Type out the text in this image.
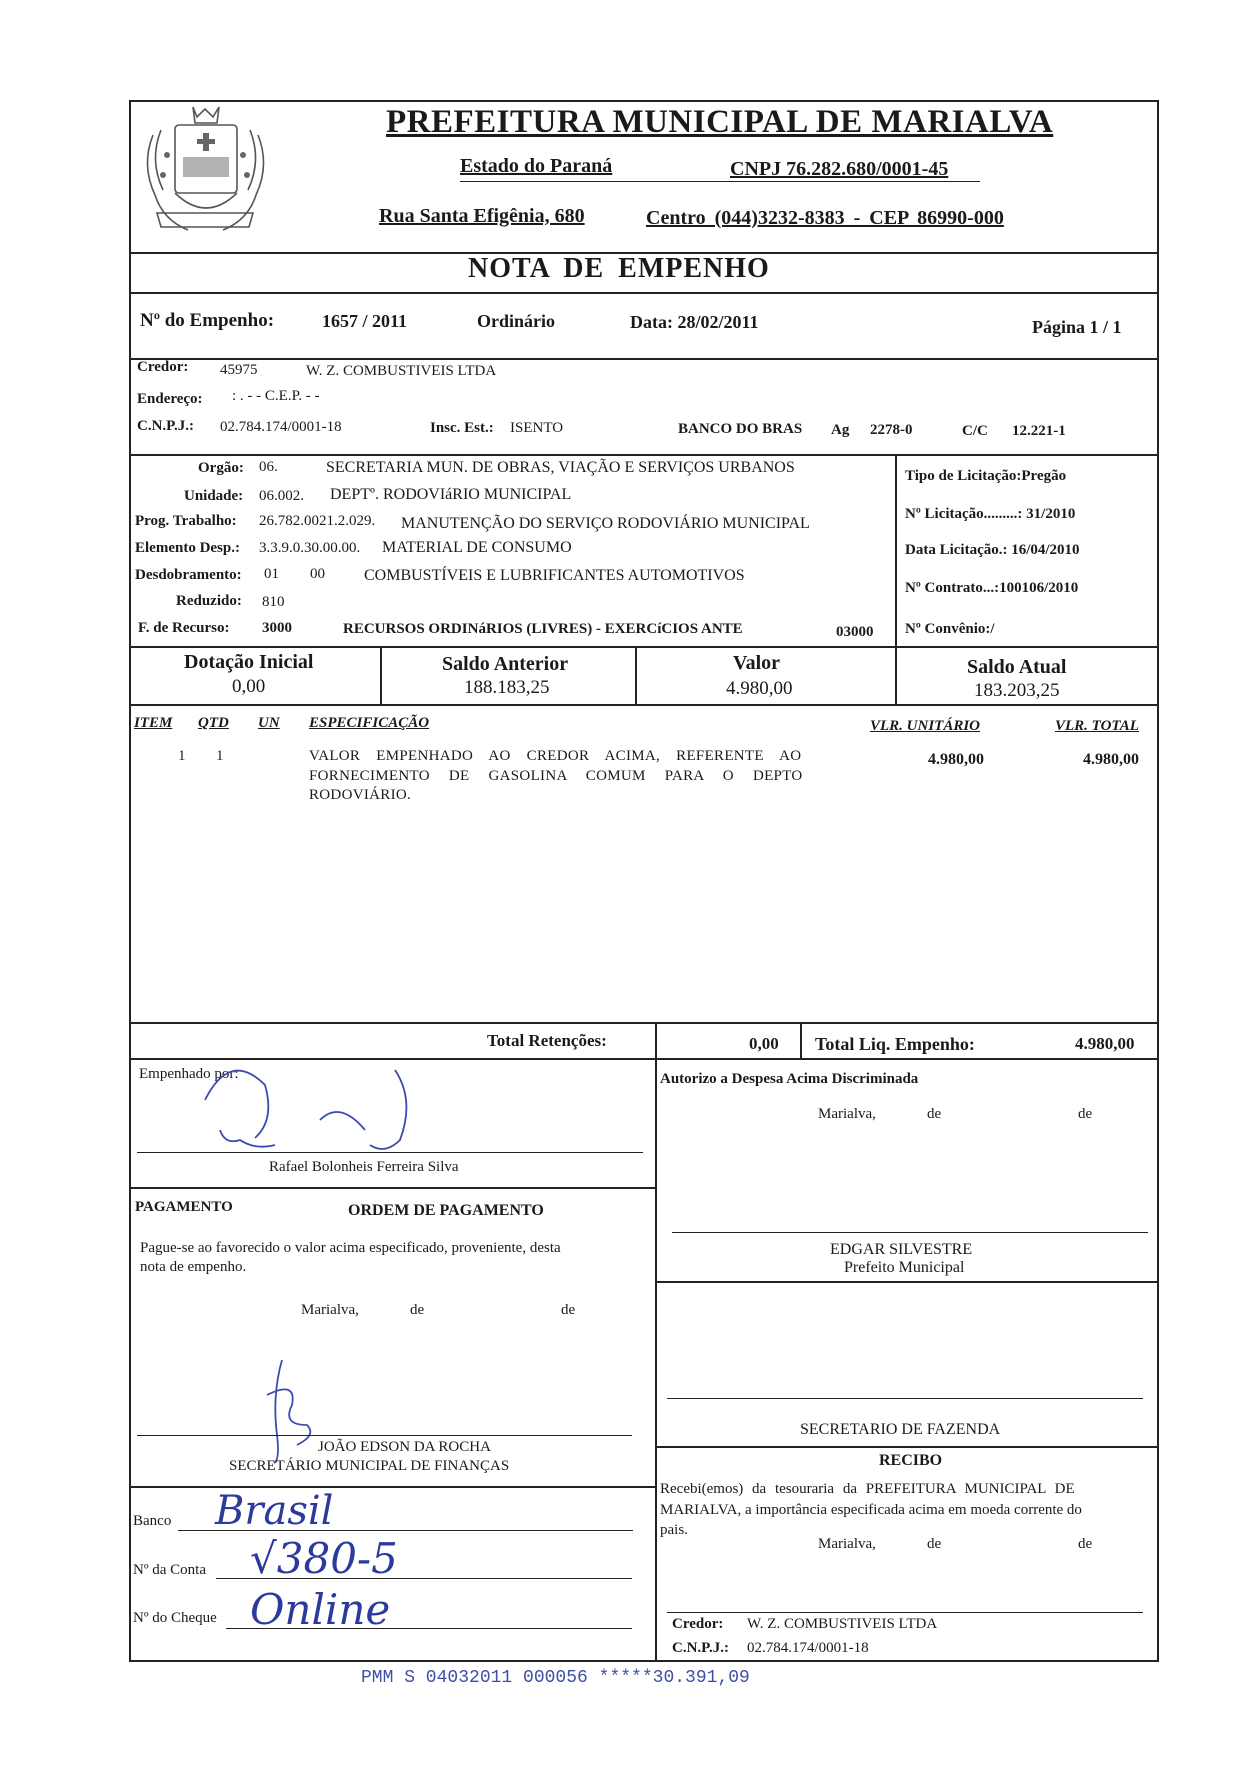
PREFEITURA MUNICIPAL DE MARIALVA
Estado do Paraná	CNPJ 76.282.680/0001-45
Rua Santa Efigênia, 680	Centro (044)3232-8383 - CEP 86990-000
NOTA DE EMPENHO
Nº do Empenho:	1657 / 2011	Ordinário	Data: 28/02/2011	Página 1 / 1
Credor: 45975	W. Z. COMBUSTIVEIS LTDA
Endereço: : . - - C.E.P. - -
C.N.P.J.: 02.784.174/0001-18	Insc. Est.: ISENTO	BANCO DO BRAS Ag 2278-0	C/C 12.221-1
Orgão: 06.	SECRETARIA MUN. DE OBRAS, VIAÇÃO E SERVIÇOS URBANOS
Unidade: 06.002. DEPTº. RODOVIáRIO MUNICIPAL
Prog. Trabalho: 26.782.0021.2.029. MANUTENÇÃO DO SERVIÇO RODOVIÁRIO MUNICIPAL
Elemento Desp.: 3.3.9.0.30.00.00. MATERIAL DE CONSUMO
Desdobramento: 01 00 COMBUSTÍVEIS E LUBRIFICANTES AUTOMOTIVOS
Reduzido: 810
F. de Recurso: 3000	RECURSOS ORDINáRIOS (LIVRES) - EXERCíCIOS ANTE	03000
Tipo de Licitação:Pregão
Nº Licitação.........: 31/2010
Data Licitação.: 16/04/2010
Nº Contrato...:100106/2010
Nº Convênio:/
Dotação Inicial
0,00
Saldo Anterior
188.183,25
Valor
4.980,00
Saldo Atual
183.203,25
ITEM QTD UN ESPECIFICAÇÃO	VLR. UNITÁRIO	VLR. TOTAL
1 1	VALOR EMPENHADO AO CREDOR ACIMA, REFERENTE AO
FORNECIMENTO DE GASOLINA COMUM PARA O DEPTO
RODOVIÁRIO.
4.980,00	4.980,00
Total Retenções:	0,00 Total Liq. Empenho:	4.980,00
Empenhado por:
Rafael Bolonheis Ferreira Silva
PAGAMENTO	ORDEM DE PAGAMENTO
Pague-se ao favorecido o valor acima especificado, proveniente, desta
nota de empenho.
Marialva,	de	de
JOÃO EDSON DA ROCHA
SECRETÁRIO MUNICIPAL DE FINANÇAS
Banco Brasil
Nº da Conta √380-5
Nº do Cheque Online
Autorizo a Despesa Acima Discriminada
Marialva,	de	de
EDGAR SILVESTRE
Prefeito Municipal
SECRETARIO DE FAZENDA
RECIBO
Recebi(emos) da tesouraria da PREFEITURA MUNICIPAL DE
MARIALVA, a importância especificada acima em moeda corrente do
pais.
Marialva,	de	de
Credor: W. Z. COMBUSTIVEIS LTDA
C.N.P.J.: 02.784.174/0001-18
PMM S 04032011 000056 *****30.391,09
